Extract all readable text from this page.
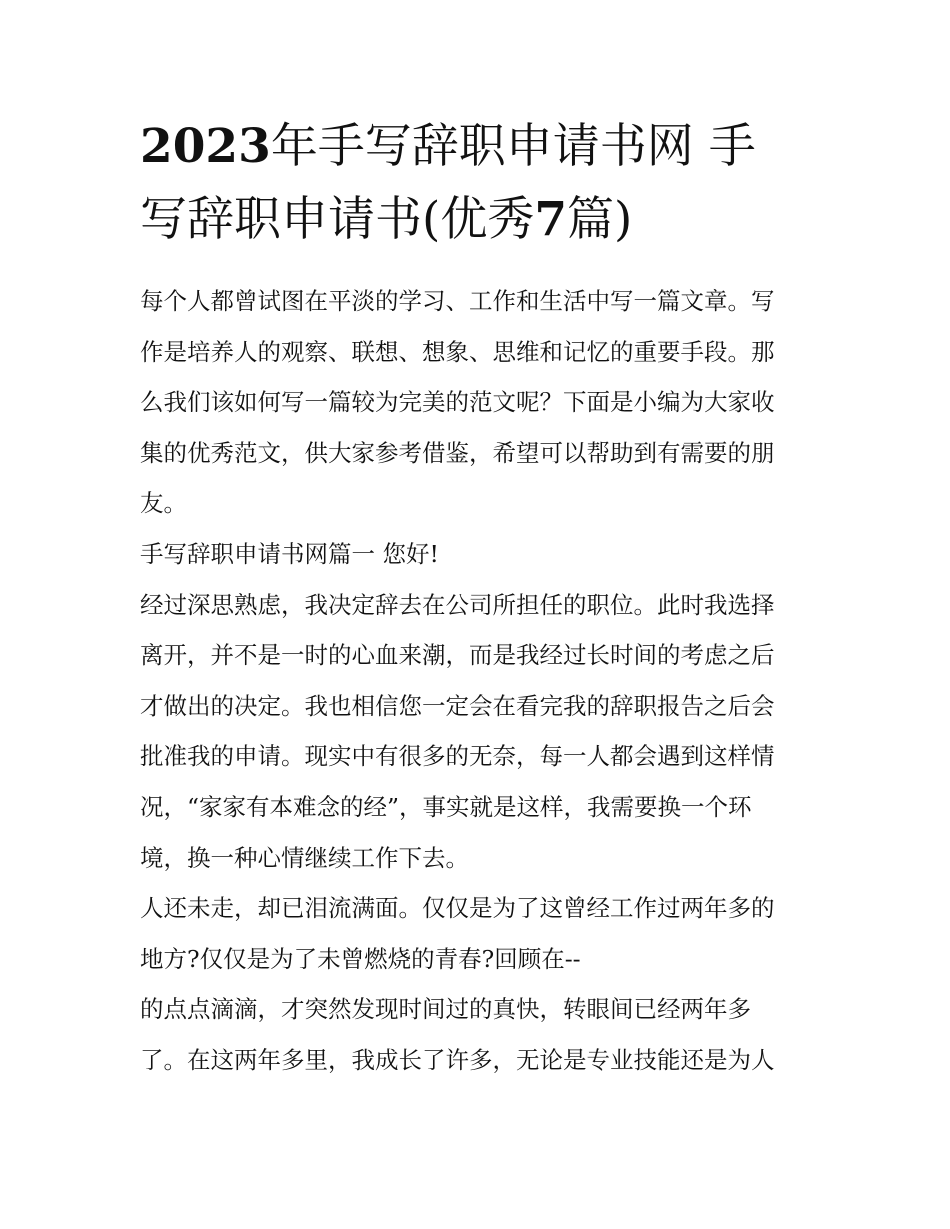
2023年手写辞职申请书网 手
写辞职申请书(优秀7篇)
每个人都曾试图在平淡的学习、工作和生活中写一篇文章。写
作是培养人的观察、联想、想象、思维和记忆的重要手段。那
么我们该如何写一篇较为完美的范文呢？下面是小编为大家收
集的优秀范文，供大家参考借鉴，希望可以帮助到有需要的朋
友。
手写辞职申请书网篇一 您好!
经过深思熟虑，我决定辞去在公司所担任的职位。此时我选择
离开，并不是一时的心血来潮，而是我经过长时间的考虑之后
才做出的决定。我也相信您一定会在看完我的辞职报告之后会
批准我的申请。现实中有很多的无奈，每一人都会遇到这样情
况，“家家有本难念的经”，事实就是这样，我需要换一个环
境，换一种心情继续工作下去。
人还未走，却已泪流满面。仅仅是为了这曾经工作过两年多的
地方?仅仅是为了未曾燃烧的青春?回顾在--
的点点滴滴，才突然发现时间过的真快，转眼间已经两年多
了。在这两年多里，我成长了许多，无论是专业技能还是为人
